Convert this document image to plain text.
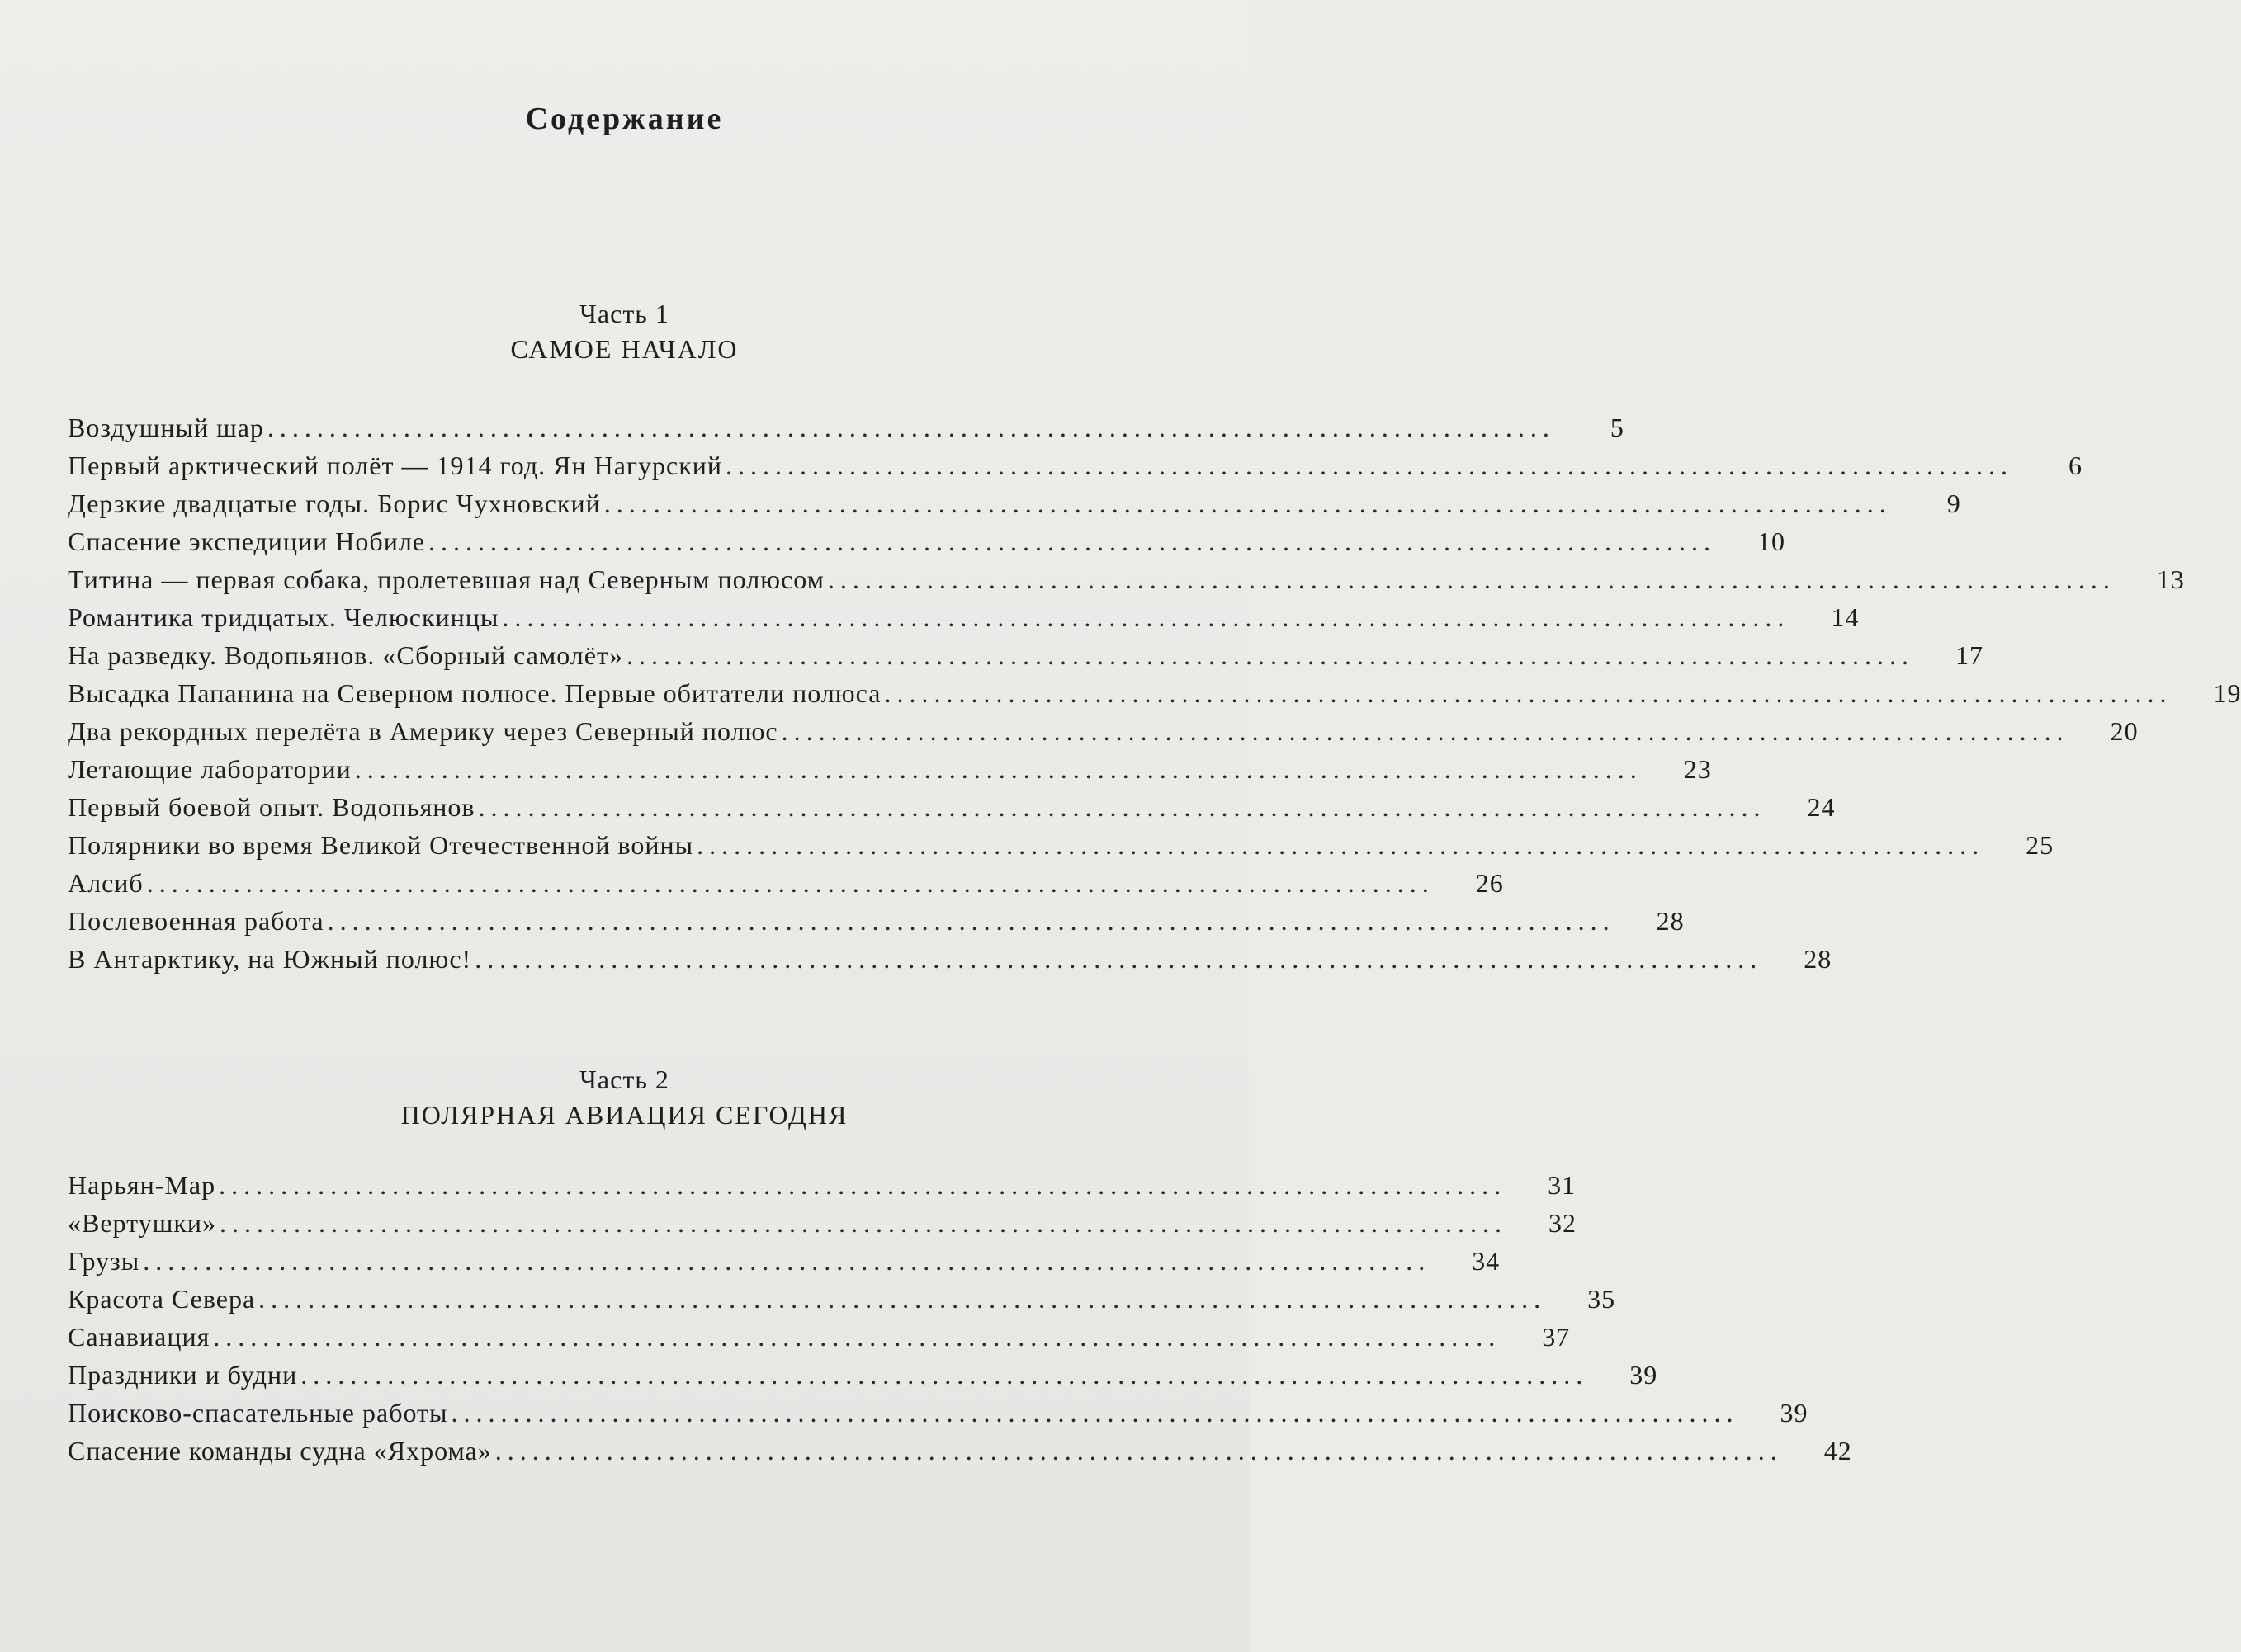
Содержание
Часть 1
САМОЕ НАЧАЛО
Воздушный шар ........................................................................................................	5
Первый арктический полёт — 1914 год. Ян Нагурский ........................................................................................................	6
Дерзкие двадцатые годы. Борис Чухновский ........................................................................................................	9
Спасение экспедиции Нобиле ........................................................................................................	10
Титина — первая собака, пролетевшая над Северным полюсом ........................................................................................................	13
Романтика тридцатых. Челюскинцы ........................................................................................................	14
На разведку. Водопьянов. «Сборный самолёт» ........................................................................................................	17
Высадка Папанина на Северном полюсе. Первые обитатели полюса ........................................................................................................	19
Два рекордных перелёта в Америку через Северный полюс ........................................................................................................	20
Летающие лаборатории ........................................................................................................	23
Первый боевой опыт. Водопьянов ........................................................................................................	24
Полярники во время Великой Отечественной войны ........................................................................................................	25
Алсиб ........................................................................................................	26
Послевоенная работа ........................................................................................................	28
В Антарктику, на Южный полюс! ........................................................................................................	28
Часть 2
ПОЛЯРНАЯ АВИАЦИЯ СЕГОДНЯ
Нарьян-Мар ........................................................................................................	31
«Вертушки» ........................................................................................................	32
Грузы ........................................................................................................	34
Красота Севера ........................................................................................................	35
Санавиация ........................................................................................................	37
Праздники и будни ........................................................................................................	39
Поисково-спасательные работы ........................................................................................................	39
Спасение команды судна «Яхрома» ........................................................................................................	42
